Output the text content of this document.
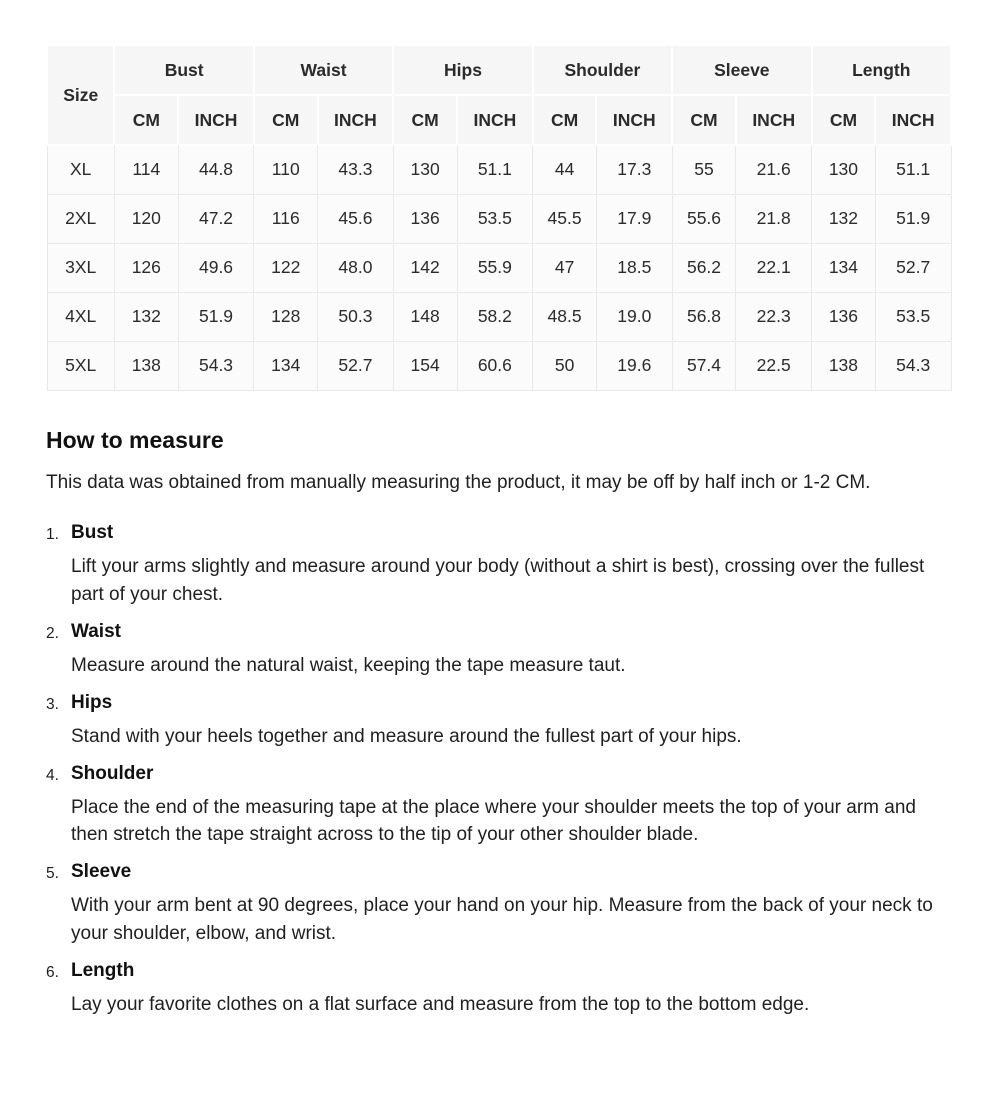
Size	Bust		Waist		Hips		Shoulder		Sleeve		Length	
	CM	INCH	CM	INCH	CM	INCH	CM	INCH	CM	INCH	CM	INCH
XL	114	44.8	110	43.3	130	51.1	44	17.3	55	21.6	130	51.1
2XL	120	47.2	116	45.6	136	53.5	45.5	17.9	55.6	21.8	132	51.9
3XL	126	49.6	122	48.0	142	55.9	47	18.5	56.2	22.1	134	52.7
4XL	132	51.9	128	50.3	148	58.2	48.5	19.0	56.8	22.3	136	53.5
5XL	138	54.3	134	52.7	154	60.6	50	19.6	57.4	22.5	138	54.3
How to measure

This data was obtained from manually measuring the product, it may be off by half inch or 1-2 CM.

1. Bust

Lift your arms slightly and measure around your body (without a shirt is best), crossing over the fullest part of your chest.

2. Waist

Measure around the natural waist, keeping the tape measure taut.

3. Hips

Stand with your heels together and measure around the fullest part of your hips.

4. Shoulder

Place the end of the measuring tape at the place where your shoulder meets the top of your arm and then stretch the tape straight across to the tip of your other shoulder blade.

5. Sleeve

With your arm bent at 90 degrees, place your hand on your hip. Measure from the back of your neck to your shoulder, elbow, and wrist.

6. Length

Lay your favorite clothes on a flat surface and measure from the top to the bottom edge.
